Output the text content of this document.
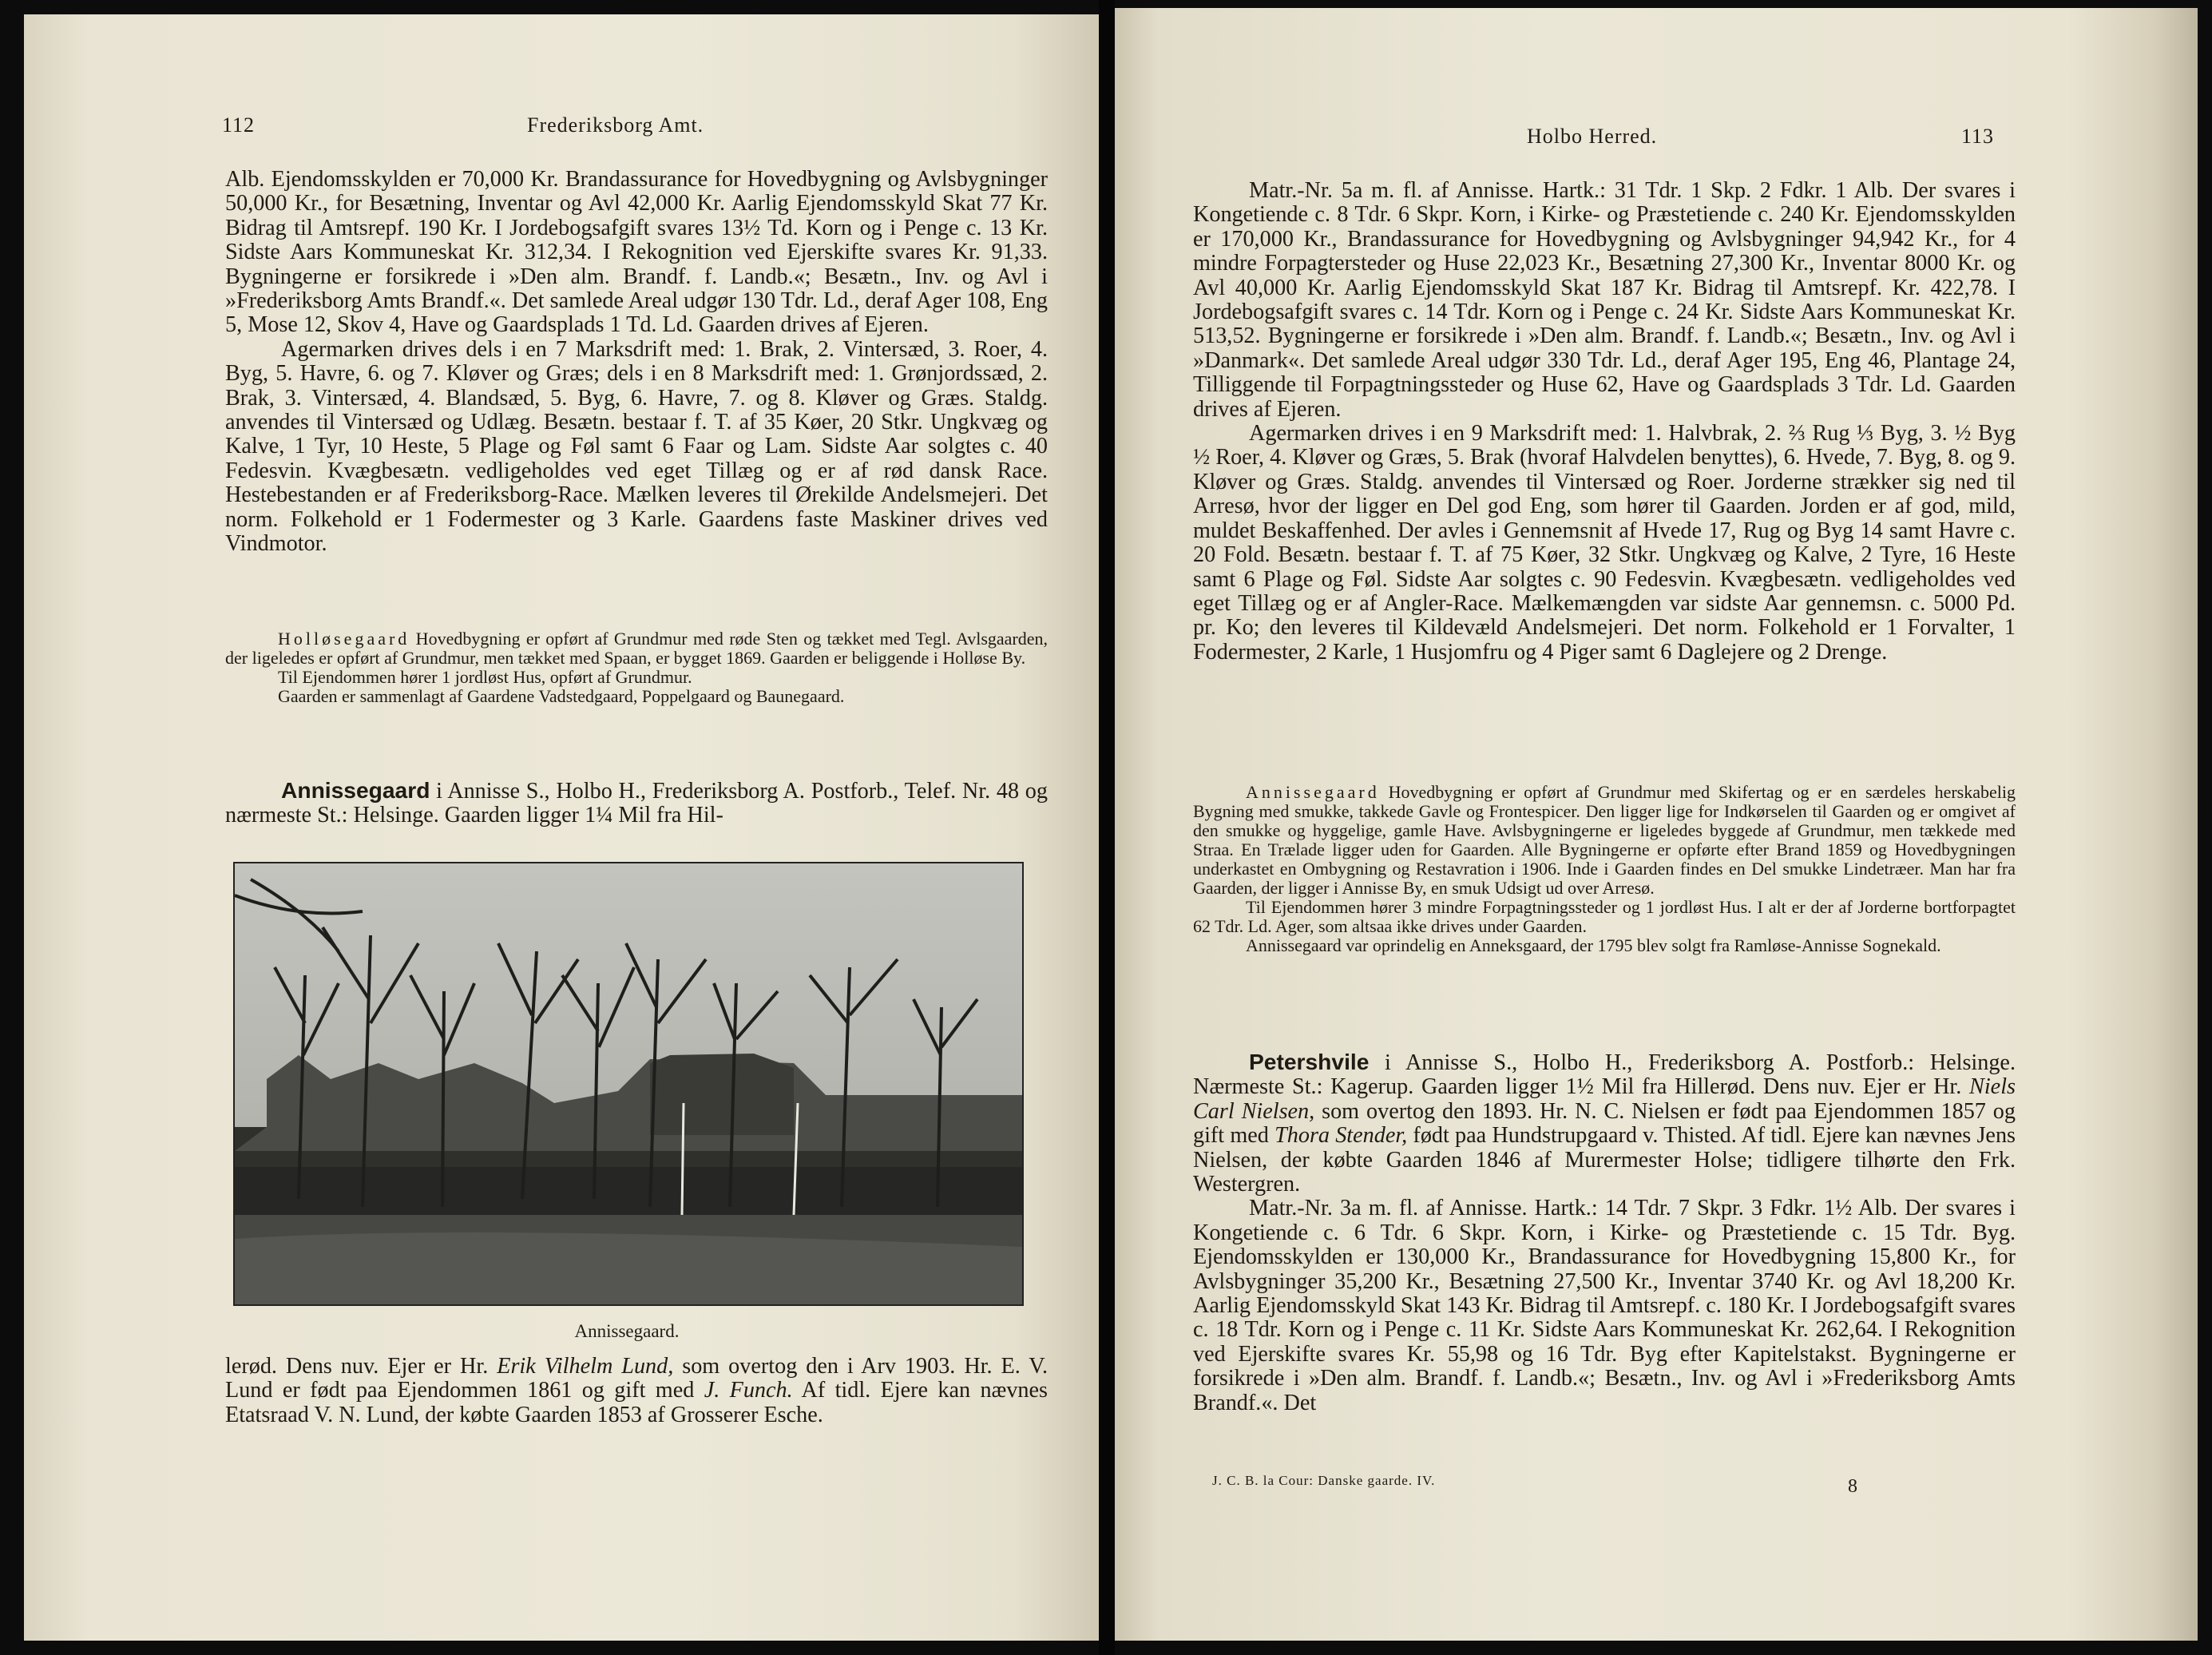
112	Frederiksborg Amt.

Alb. Ejendomsskylden er 70,000 Kr. Brandassurance for Hovedbygning og Avlsbygninger 50,000 Kr., for Besætning, Inventar og Avl 42,000 Kr. Aarlig Ejendomsskyld Skat 77 Kr. Bidrag til Amtsrepf. 190 Kr. I Jordebogsafgift svares 13½ Td. Korn og i Penge c. 13 Kr. Sidste Aars Kommuneskat Kr. 312,34. I Rekognition ved Ejerskifte svares Kr. 91,33. Bygningerne er forsikrede i »Den alm. Brandf. f. Landb.«; Besætn., Inv. og Avl i »Frederiksborg Amts Brandf.«. Det samlede Areal udgør 130 Tdr. Ld., deraf Ager 108, Eng 5, Mose 12, Skov 4, Have og Gaardsplads 1 Td. Ld. Gaarden drives af Ejeren.

Agermarken drives dels i en 7 Marksdrift med: 1. Brak, 2. Vintersæd, 3. Roer, 4. Byg, 5. Havre, 6. og 7. Kløver og Græs; dels i en 8 Marksdrift med: 1. Grønjordssæd, 2. Brak, 3. Vintersæd, 4. Blandsæd, 5. Byg, 6. Havre, 7. og 8. Kløver og Græs. Staldg. anvendes til Vintersæd og Udlæg. Besætn. bestaar f. T. af 35 Køer, 20 Stkr. Ungkvæg og Kalve, 1 Tyr, 10 Heste, 5 Plage og Føl samt 6 Faar og Lam. Sidste Aar solgtes c. 40 Fedesvin. Kvægbesætn. vedligeholdes ved eget Tillæg og er af rød dansk Race. Hestebestanden er af Frederiksborg-Race. Mælken leveres til Ørekilde Andelsmejeri. Det norm. Folkehold er 1 Fodermester og 3 Karle. Gaardens faste Maskiner drives ved Vindmotor.

Holløsegaard Hovedbygning er opført af Grundmur med røde Sten og tækket med Tegl. Avlsgaarden, der ligeledes er opført af Grundmur, men tækket med Spaan, er bygget 1869. Gaarden er beliggende i Holløse By.

Til Ejendommen hører 1 jordløst Hus, opført af Grundmur.

Gaarden er sammenlagt af Gaardene Vadstedgaard, Poppelgaard og Baunegaard.

Annissegaard i Annisse S., Holbo H., Frederiksborg A. Postforb., Telef. Nr. 48 og nærmeste St.: Helsinge. Gaarden ligger 1¼ Mil fra Hil-

Annissegaard.

lerød. Dens nuv. Ejer er Hr. Erik Vilhelm Lund, som overtog den i Arv 1903. Hr. E. V. Lund er født paa Ejendommen 1861 og gift med J. Funch. Af tidl. Ejere kan nævnes Etatsraad V. N. Lund, der købte Gaarden 1853 af Grosserer Esche.

Holbo Herred.	113

Matr.-Nr. 5a m. fl. af Annisse. Hartk.: 31 Tdr. 1 Skp. 2 Fdkr. 1 Alb. Der svares i Kongetiende c. 8 Tdr. 6 Skpr. Korn, i Kirke- og Præstetiende c. 240 Kr. Ejendomsskylden er 170,000 Kr., Brandassurance for Hovedbygning og Avlsbygninger 94,942 Kr., for 4 mindre Forpagtersteder og Huse 22,023 Kr., Besætning 27,300 Kr., Inventar 8000 Kr. og Avl 40,000 Kr. Aarlig Ejendomsskyld Skat 187 Kr. Bidrag til Amtsrepf. Kr. 422,78. I Jordebogsafgift svares c. 14 Tdr. Korn og i Penge c. 24 Kr. Sidste Aars Kommuneskat Kr. 513,52. Bygningerne er forsikrede i »Den alm. Brandf. f. Landb.«; Besætn., Inv. og Avl i »Danmark«. Det samlede Areal udgør 330 Tdr. Ld., deraf Ager 195, Eng 46, Plantage 24, Tilliggende til Forpagtningssteder og Huse 62, Have og Gaardsplads 3 Tdr. Ld. Gaarden drives af Ejeren.

Agermarken drives i en 9 Marksdrift med: 1. Halvbrak, 2. ⅔ Rug ⅓ Byg, 3. ½ Byg ½ Roer, 4. Kløver og Græs, 5. Brak (hvoraf Halvdelen benyttes), 6. Hvede, 7. Byg, 8. og 9. Kløver og Græs. Staldg. anvendes til Vintersæd og Roer. Jorderne strækker sig ned til Arresø, hvor der ligger en Del god Eng, som hører til Gaarden. Jorden er af god, mild, muldet Beskaffenhed. Der avles i Gennemsnit af Hvede 17, Rug og Byg 14 samt Havre c. 20 Fold. Besætn. bestaar f. T. af 75 Køer, 32 Stkr. Ungkvæg og Kalve, 2 Tyre, 16 Heste samt 6 Plage og Føl. Sidste Aar solgtes c. 90 Fedesvin. Kvægbesætn. vedligeholdes ved eget Tillæg og er af Angler-Race. Mælkemængden var sidste Aar gennemsn. c. 5000 Pd. pr. Ko; den leveres til Kildevæld Andelsmejeri. Det norm. Folkehold er 1 Forvalter, 1 Fodermester, 2 Karle, 1 Husjomfru og 4 Piger samt 6 Daglejere og 2 Drenge.

Annissegaard Hovedbygning er opført af Grundmur med Skifertag og er en særdeles herskabelig Bygning med smukke, takkede Gavle og Frontespicer. Den ligger lige for Indkørselen til Gaarden og er omgivet af den smukke og hyggelige, gamle Have. Avlsbygningerne er ligeledes byggede af Grundmur, men tækkede med Straa. En Trælade ligger uden for Gaarden. Alle Bygningerne er opførte efter Brand 1859 og Hovedbygningen underkastet en Ombygning og Restavration i 1906. Inde i Gaarden findes en Del smukke Lindetræer. Man har fra Gaarden, der ligger i Annisse By, en smuk Udsigt ud over Arresø.

Til Ejendommen hører 3 mindre Forpagtningssteder og 1 jordløst Hus. I alt er der af Jorderne bortforpagtet 62 Tdr. Ld. Ager, som altsaa ikke drives under Gaarden.

Annissegaard var oprindelig en Anneksgaard, der 1795 blev solgt fra Ramløse-Annisse Sognekald.

Petershvile i Annisse S., Holbo H., Frederiksborg A. Postforb.: Helsinge. Nærmeste St.: Kagerup. Gaarden ligger 1½ Mil fra Hillerød. Dens nuv. Ejer er Hr. Niels Carl Nielsen, som overtog den 1893. Hr. N. C. Nielsen er født paa Ejendommen 1857 og gift med Thora Stender, født paa Hundstrupgaard v. Thisted. Af tidl. Ejere kan nævnes Jens Nielsen, der købte Gaarden 1846 af Murermester Holse; tidligere tilhørte den Frk. Westergren.

Matr.-Nr. 3a m. fl. af Annisse. Hartk.: 14 Tdr. 7 Skpr. 3 Fdkr. 1½ Alb. Der svares i Kongetiende c. 6 Tdr. 6 Skpr. Korn, i Kirke- og Præstetiende c. 15 Tdr. Byg. Ejendomsskylden er 130,000 Kr., Brandassurance for Hovedbygning 15,800 Kr., for Avlsbygninger 35,200 Kr., Besætning 27,500 Kr., Inventar 3740 Kr. og Avl 18,200 Kr. Aarlig Ejendomsskyld Skat 143 Kr. Bidrag til Amtsrepf. c. 180 Kr. I Jordebogsafgift svares c. 18 Tdr. Korn og i Penge c. 11 Kr. Sidste Aars Kommuneskat Kr. 262,64. I Rekognition ved Ejerskifte svares Kr. 55,98 og 16 Tdr. Byg efter Kapitelstakst. Bygningerne er forsikrede i »Den alm. Brandf. f. Landb.«; Besætn., Inv. og Avl i »Frederiksborg Amts Brandf.«. Det

J. C. B. la Cour: Danske gaarde. IV.	8
